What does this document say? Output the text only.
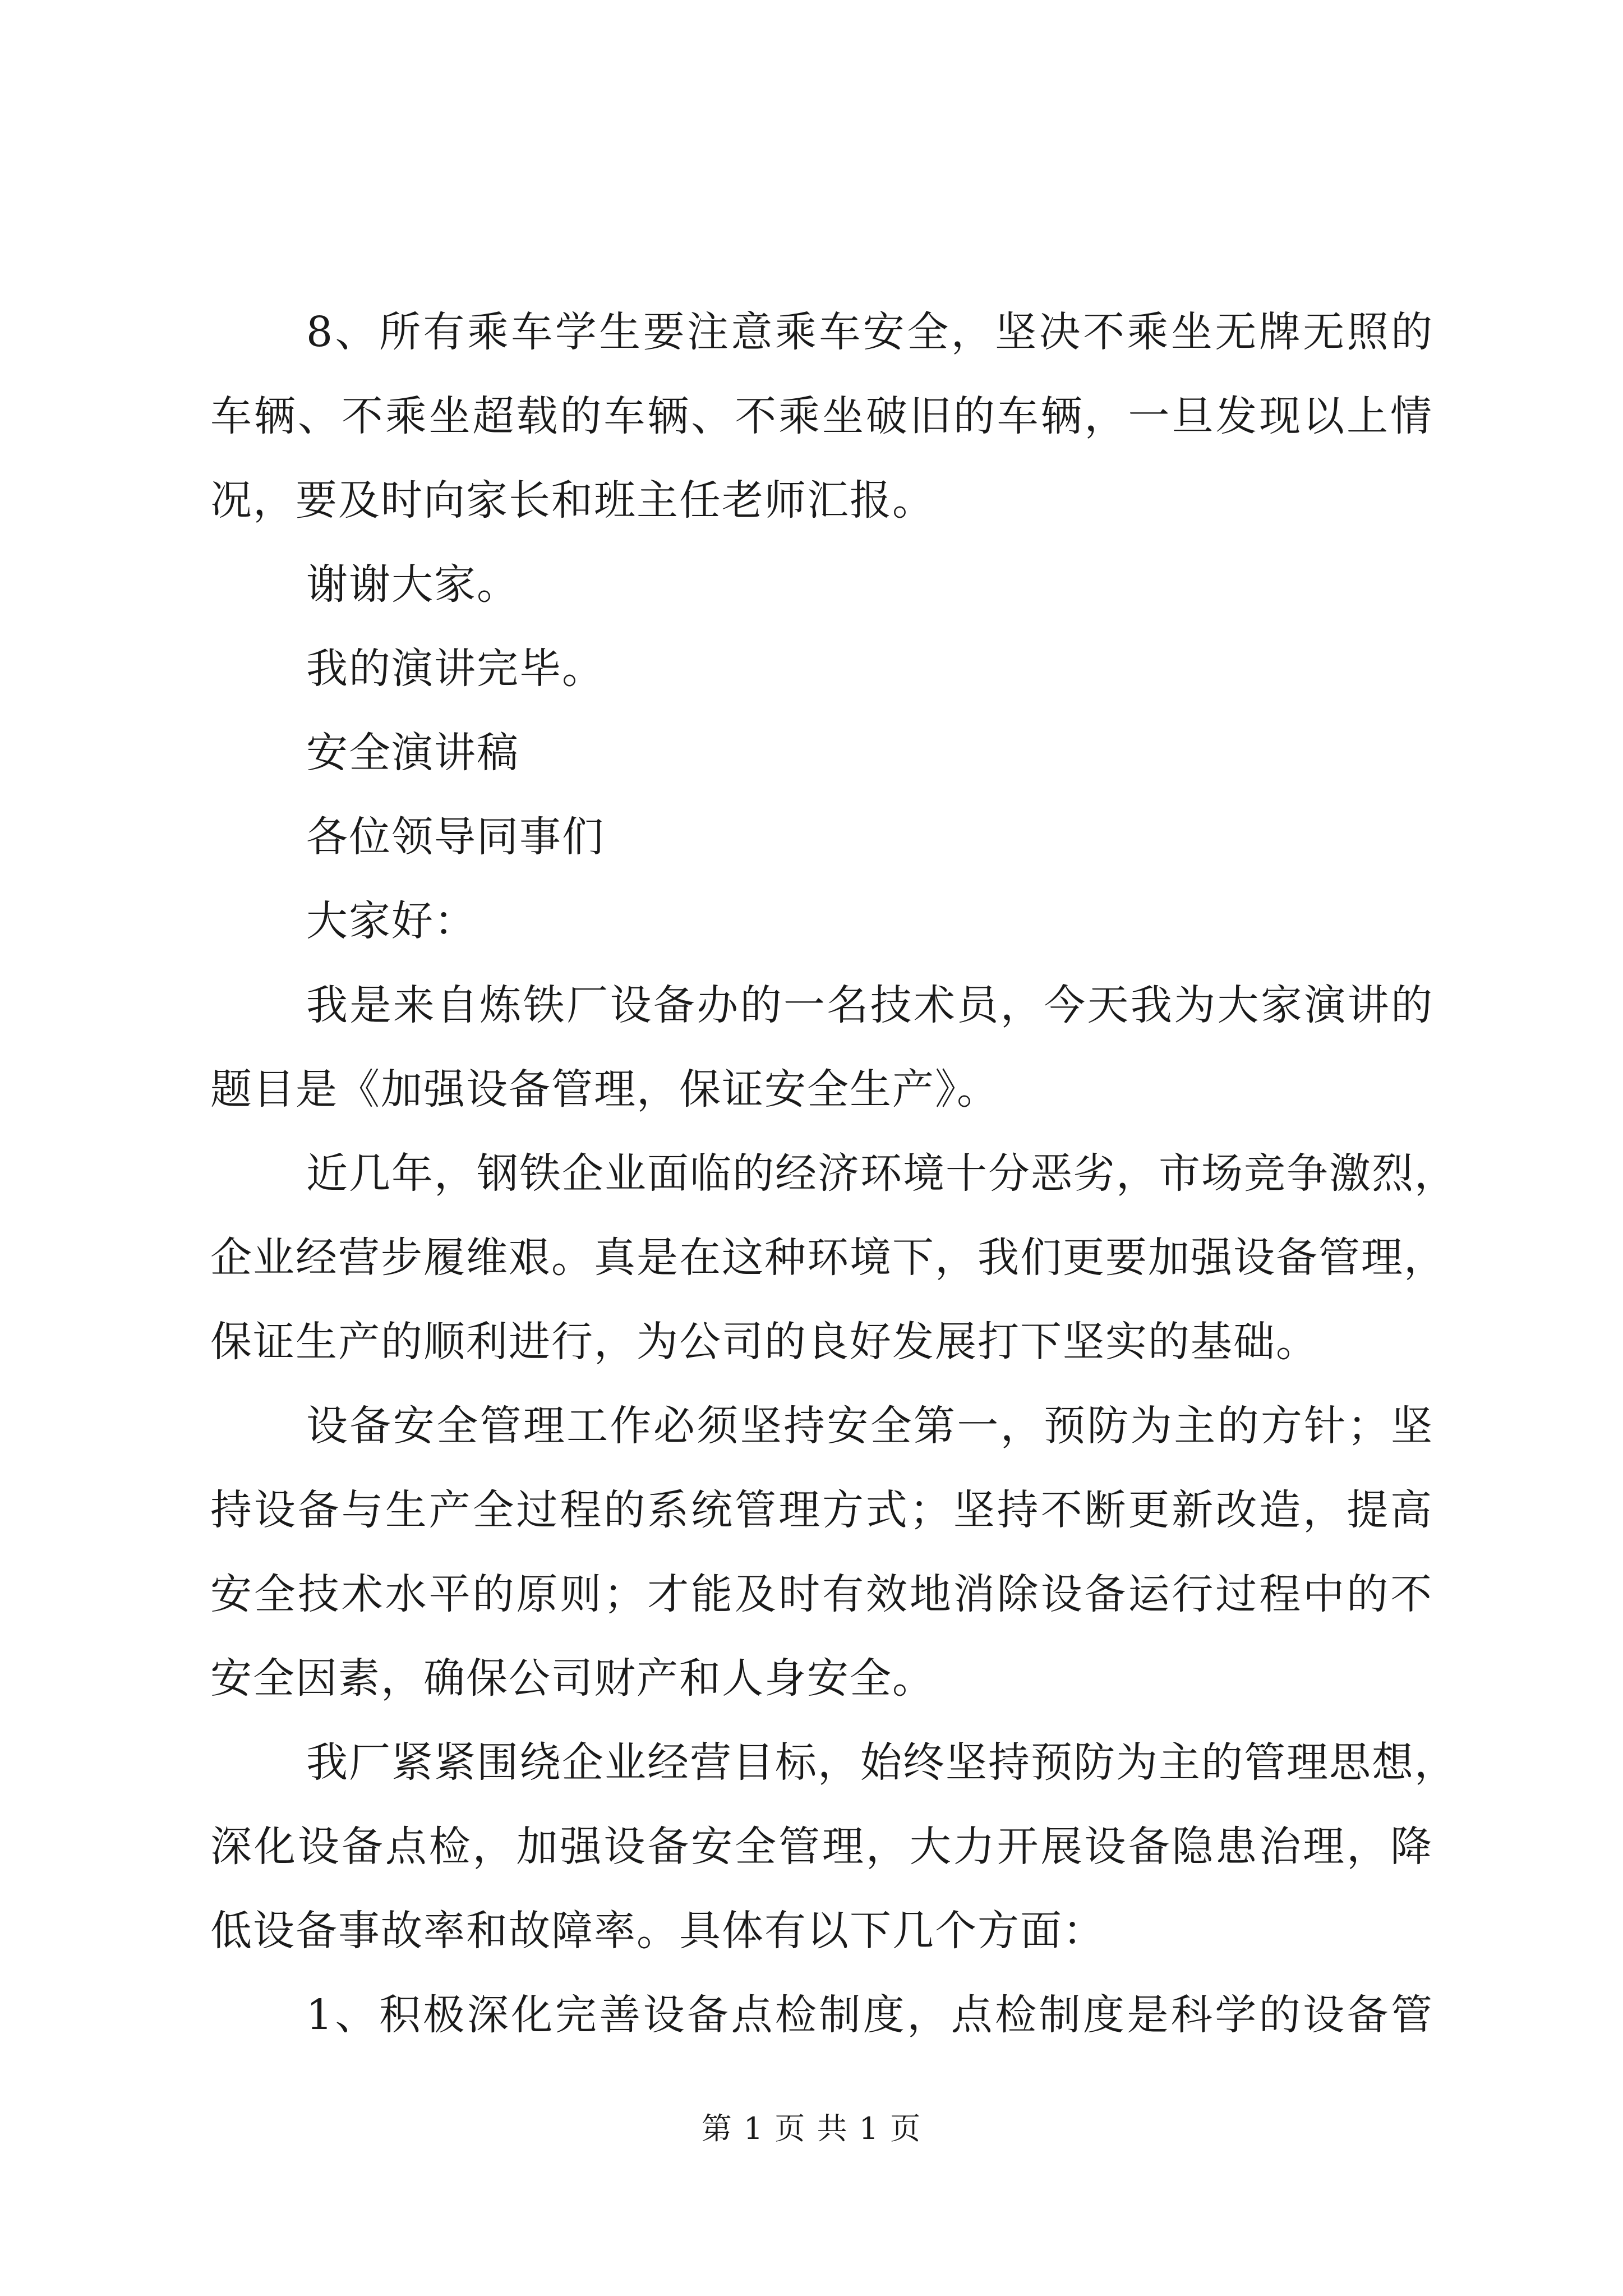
8、所有乘车学生要注意乘车安全，坚决不乘坐无牌无照的
车辆、不乘坐超载的车辆、不乘坐破旧的车辆，一旦发现以上情
况，要及时向家长和班主任老师汇报。
谢谢大家。
我的演讲完毕。
安全演讲稿
各位领导同事们
大家好：
我是来自炼铁厂设备办的一名技术员，今天我为大家演讲的
题目是《加强设备管理，保证安全生产》。
近几年，钢铁企业面临的经济环境十分恶劣，市场竞争激烈，
企业经营步履维艰。真是在这种环境下，我们更要加强设备管理，
保证生产的顺利进行，为公司的良好发展打下坚实的基础。
设备安全管理工作必须坚持安全第一，预防为主的方针；坚
持设备与生产全过程的系统管理方式；坚持不断更新改造，提高
安全技术水平的原则；才能及时有效地消除设备运行过程中的不
安全因素，确保公司财产和人身安全。
我厂紧紧围绕企业经营目标，始终坚持预防为主的管理思想，
深化设备点检，加强设备安全管理，大力开展设备隐患治理，降
低设备事故率和故障率。具体有以下几个方面：
1、积极深化完善设备点检制度，点检制度是科学的设备管
第 1 页 共 1 页
